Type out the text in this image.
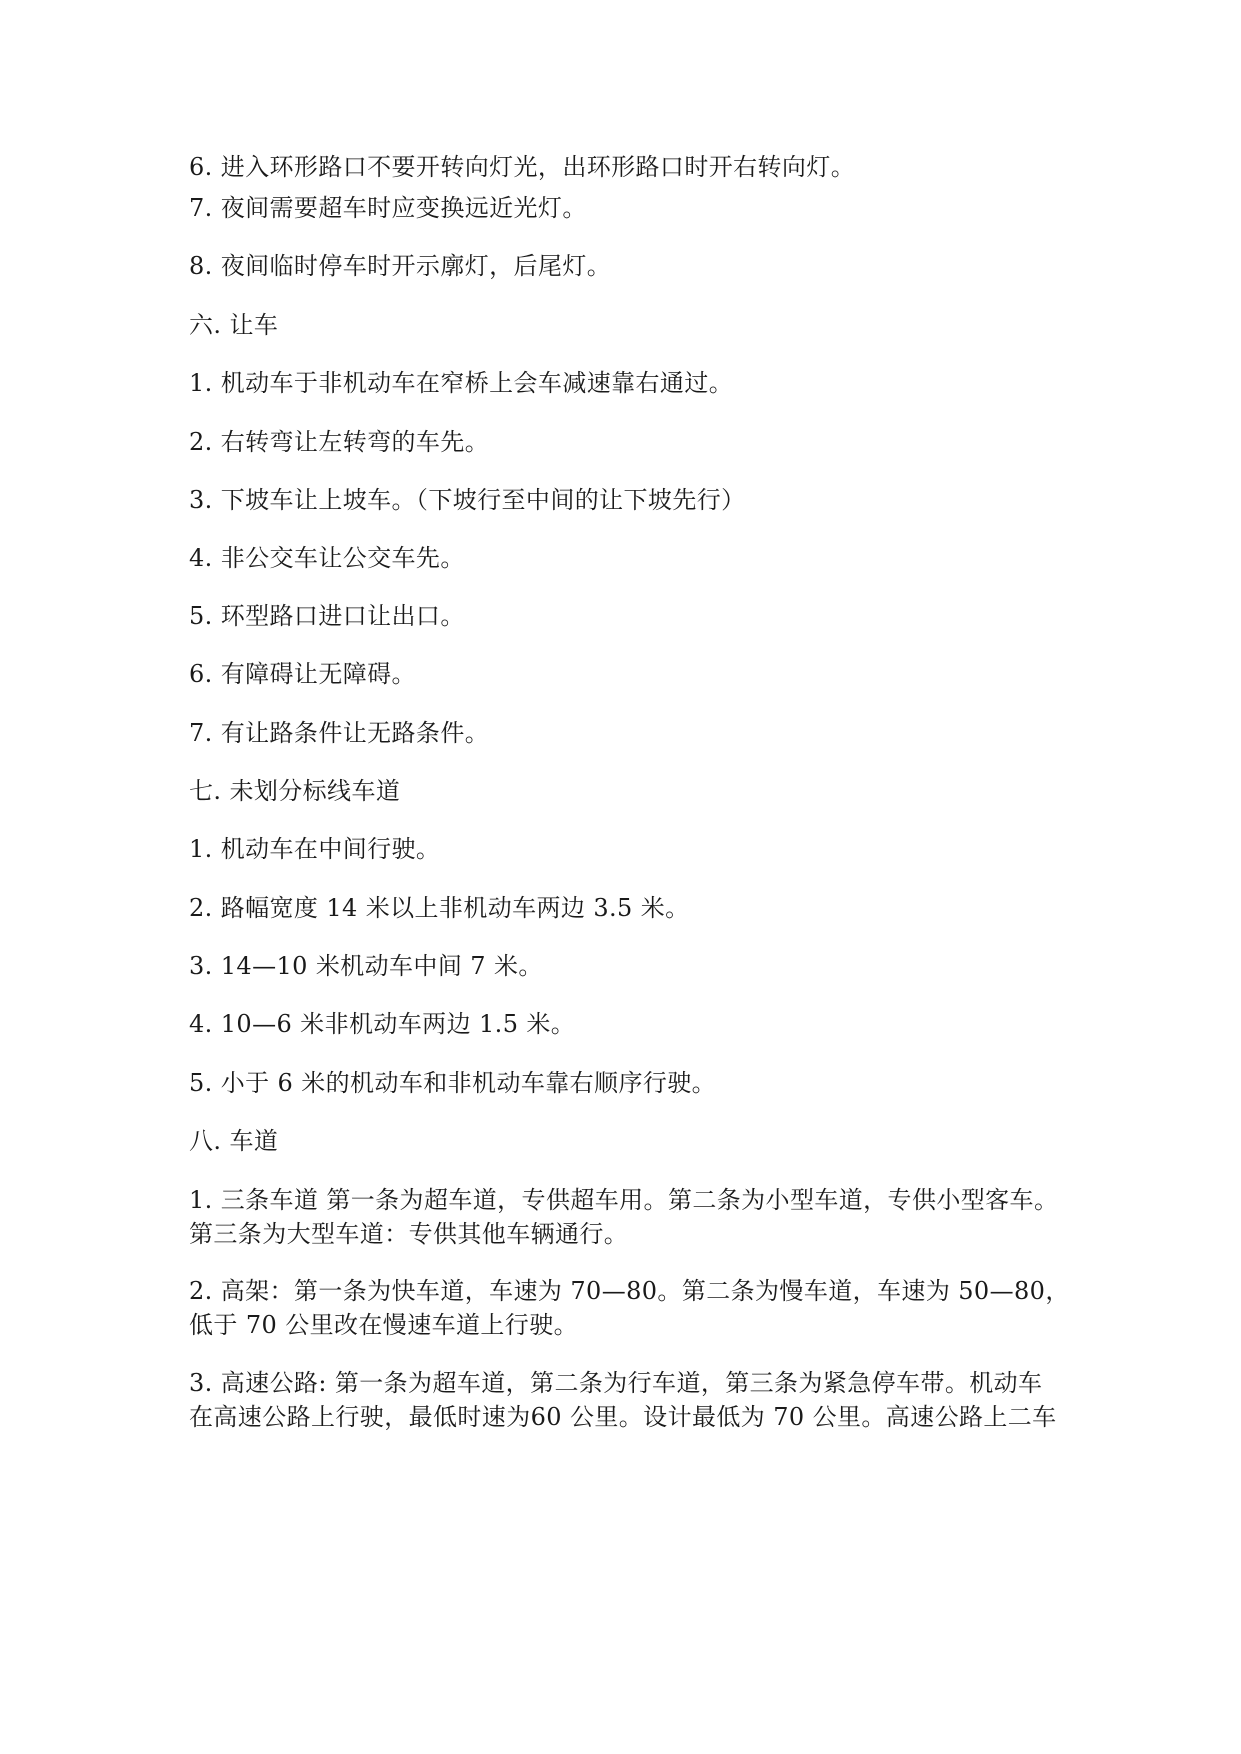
6. 进入环形路口不要开转向灯光，出环形路口时开右转向灯。
7. 夜间需要超车时应变换远近光灯。
8. 夜间临时停车时开示廓灯，后尾灯。
六. 让车
1. 机动车于非机动车在窄桥上会车减速靠右通过。
2. 右转弯让左转弯的车先。
3. 下坡车让上坡车。（下坡行至中间的让下坡先行）
4. 非公交车让公交车先。
5. 环型路口进口让出口。
6. 有障碍让无障碍。
7. 有让路条件让无路条件。
七. 未划分标线车道
1. 机动车在中间行驶。
2. 路幅宽度 14 米以上非机动车两边 3.5 米。
3. 14—10 米机动车中间 7 米。
4. 10—6 米非机动车两边 1.5 米。
5. 小于 6 米的机动车和非机动车靠右顺序行驶。
八. 车道
1. 三条车道 第一条为超车道，专供超车用。第二条为小型车道，专供小型客车。
第三条为大型车道：专供其他车辆通行。
2. 高架：第一条为快车道，车速为 70—80。第二条为慢车道，车速为 50—80，
低于 70 公里改在慢速车道上行驶。
3. 高速公路: 第一条为超车道，第二条为行车道，第三条为紧急停车带。机动车
在高速公路上行驶，最低时速为60 公里。设计最低为 70 公里。高速公路上二车
